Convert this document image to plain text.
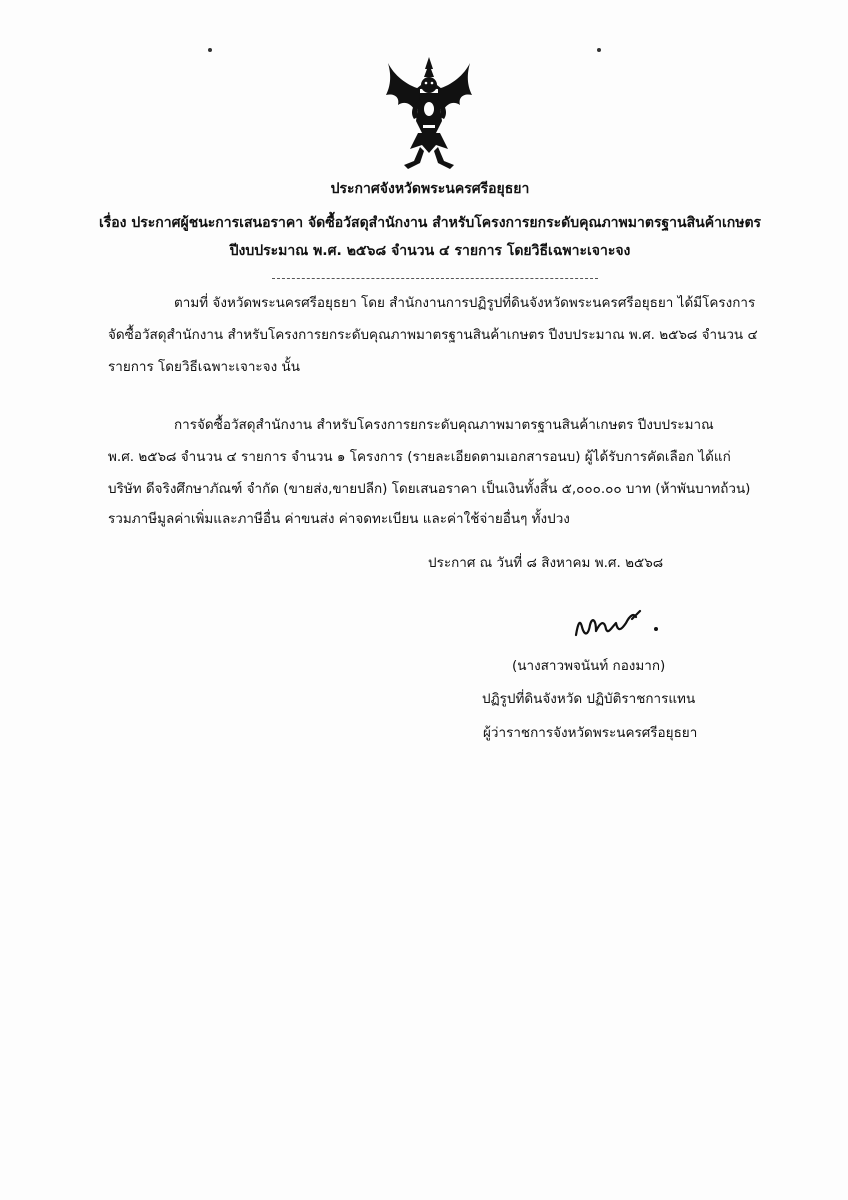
ประกาศจังหวัดพระนครศรีอยุธยา
เรื่อง ประกาศผู้ชนะการเสนอราคา จัดซื้อวัสดุสำนักงาน สำหรับโครงการยกระดับคุณภาพมาตรฐานสินค้าเกษตร
ปีงบประมาณ พ.ศ. ๒๕๖๘ จำนวน ๔ รายการ โดยวิธีเฉพาะเจาะจง
ตามที่ จังหวัดพระนครศรีอยุธยา โดย สำนักงานการปฏิรูปที่ดินจังหวัดพระนครศรีอยุธยา ได้มีโครงการ
จัดซื้อวัสดุสำนักงาน สำหรับโครงการยกระดับคุณภาพมาตรฐานสินค้าเกษตร ปีงบประมาณ พ.ศ. ๒๕๖๘ จำนวน ๔
รายการ โดยวิธีเฉพาะเจาะจง นั้น
การจัดซื้อวัสดุสำนักงาน สำหรับโครงการยกระดับคุณภาพมาตรฐานสินค้าเกษตร ปีงบประมาณ
พ.ศ. ๒๕๖๘ จำนวน ๔ รายการ จำนวน ๑ โครงการ (รายละเอียดตามเอกสารอนบ) ผู้ได้รับการคัดเลือก ได้แก่
บริษัท ดีจริงศึกษาภัณฑ์ จำกัด (ขายส่ง,ขายปลีก) โดยเสนอราคา เป็นเงินทั้งสิ้น ๕,๐๐๐.๐๐ บาท (ห้าพันบาทถ้วน)
รวมภาษีมูลค่าเพิ่มและภาษีอื่น ค่าขนส่ง ค่าจดทะเบียน และค่าใช้จ่ายอื่นๆ ทั้งปวง
ประกาศ ณ วันที่ ๘ สิงหาคม พ.ศ. ๒๕๖๘
(นางสาวพจนันท์ กองมาก)
ปฏิรูปที่ดินจังหวัด ปฏิบัติราชการแทน
ผู้ว่าราชการจังหวัดพระนครศรีอยุธยา
